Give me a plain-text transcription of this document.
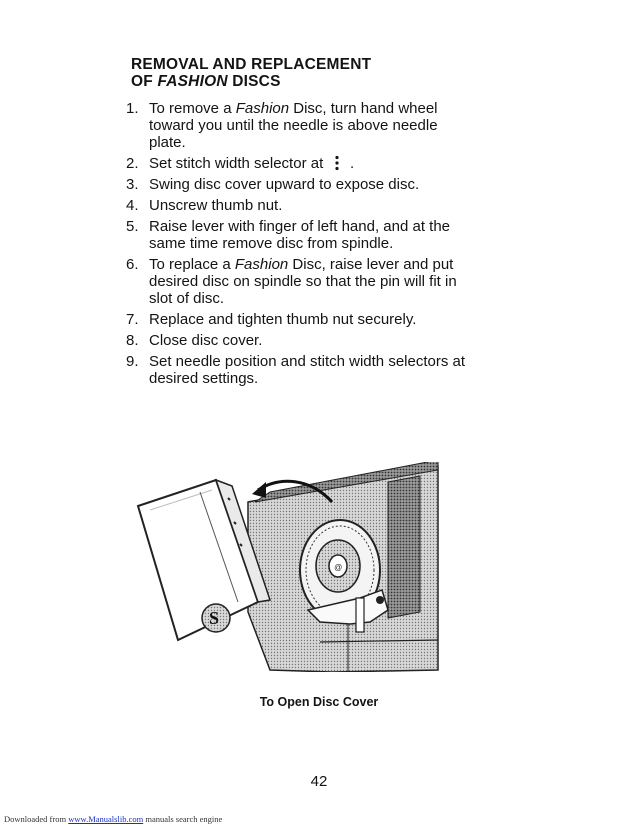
REMOVAL AND REPLACEMENT
OF FASHION DISCS
1. To remove a Fashion Disc, turn hand wheel toward you until the needle is above needle plate.
2. Set stitch width selector at .
3. Swing disc cover upward to expose disc.
4. Unscrew thumb nut.
5. Raise lever with finger of left hand, and at the same time remove disc from spindle.
6. To replace a Fashion Disc, raise lever and put desired disc on spindle so that the pin will fit in slot of disc.
7. Replace and tighten thumb nut securely.
8. Close disc cover.
9. Set needle position and stitch width selectors at desired settings.
@
S
To Open Disc Cover
42
Downloaded from www.Manualslib.com manuals search engine
